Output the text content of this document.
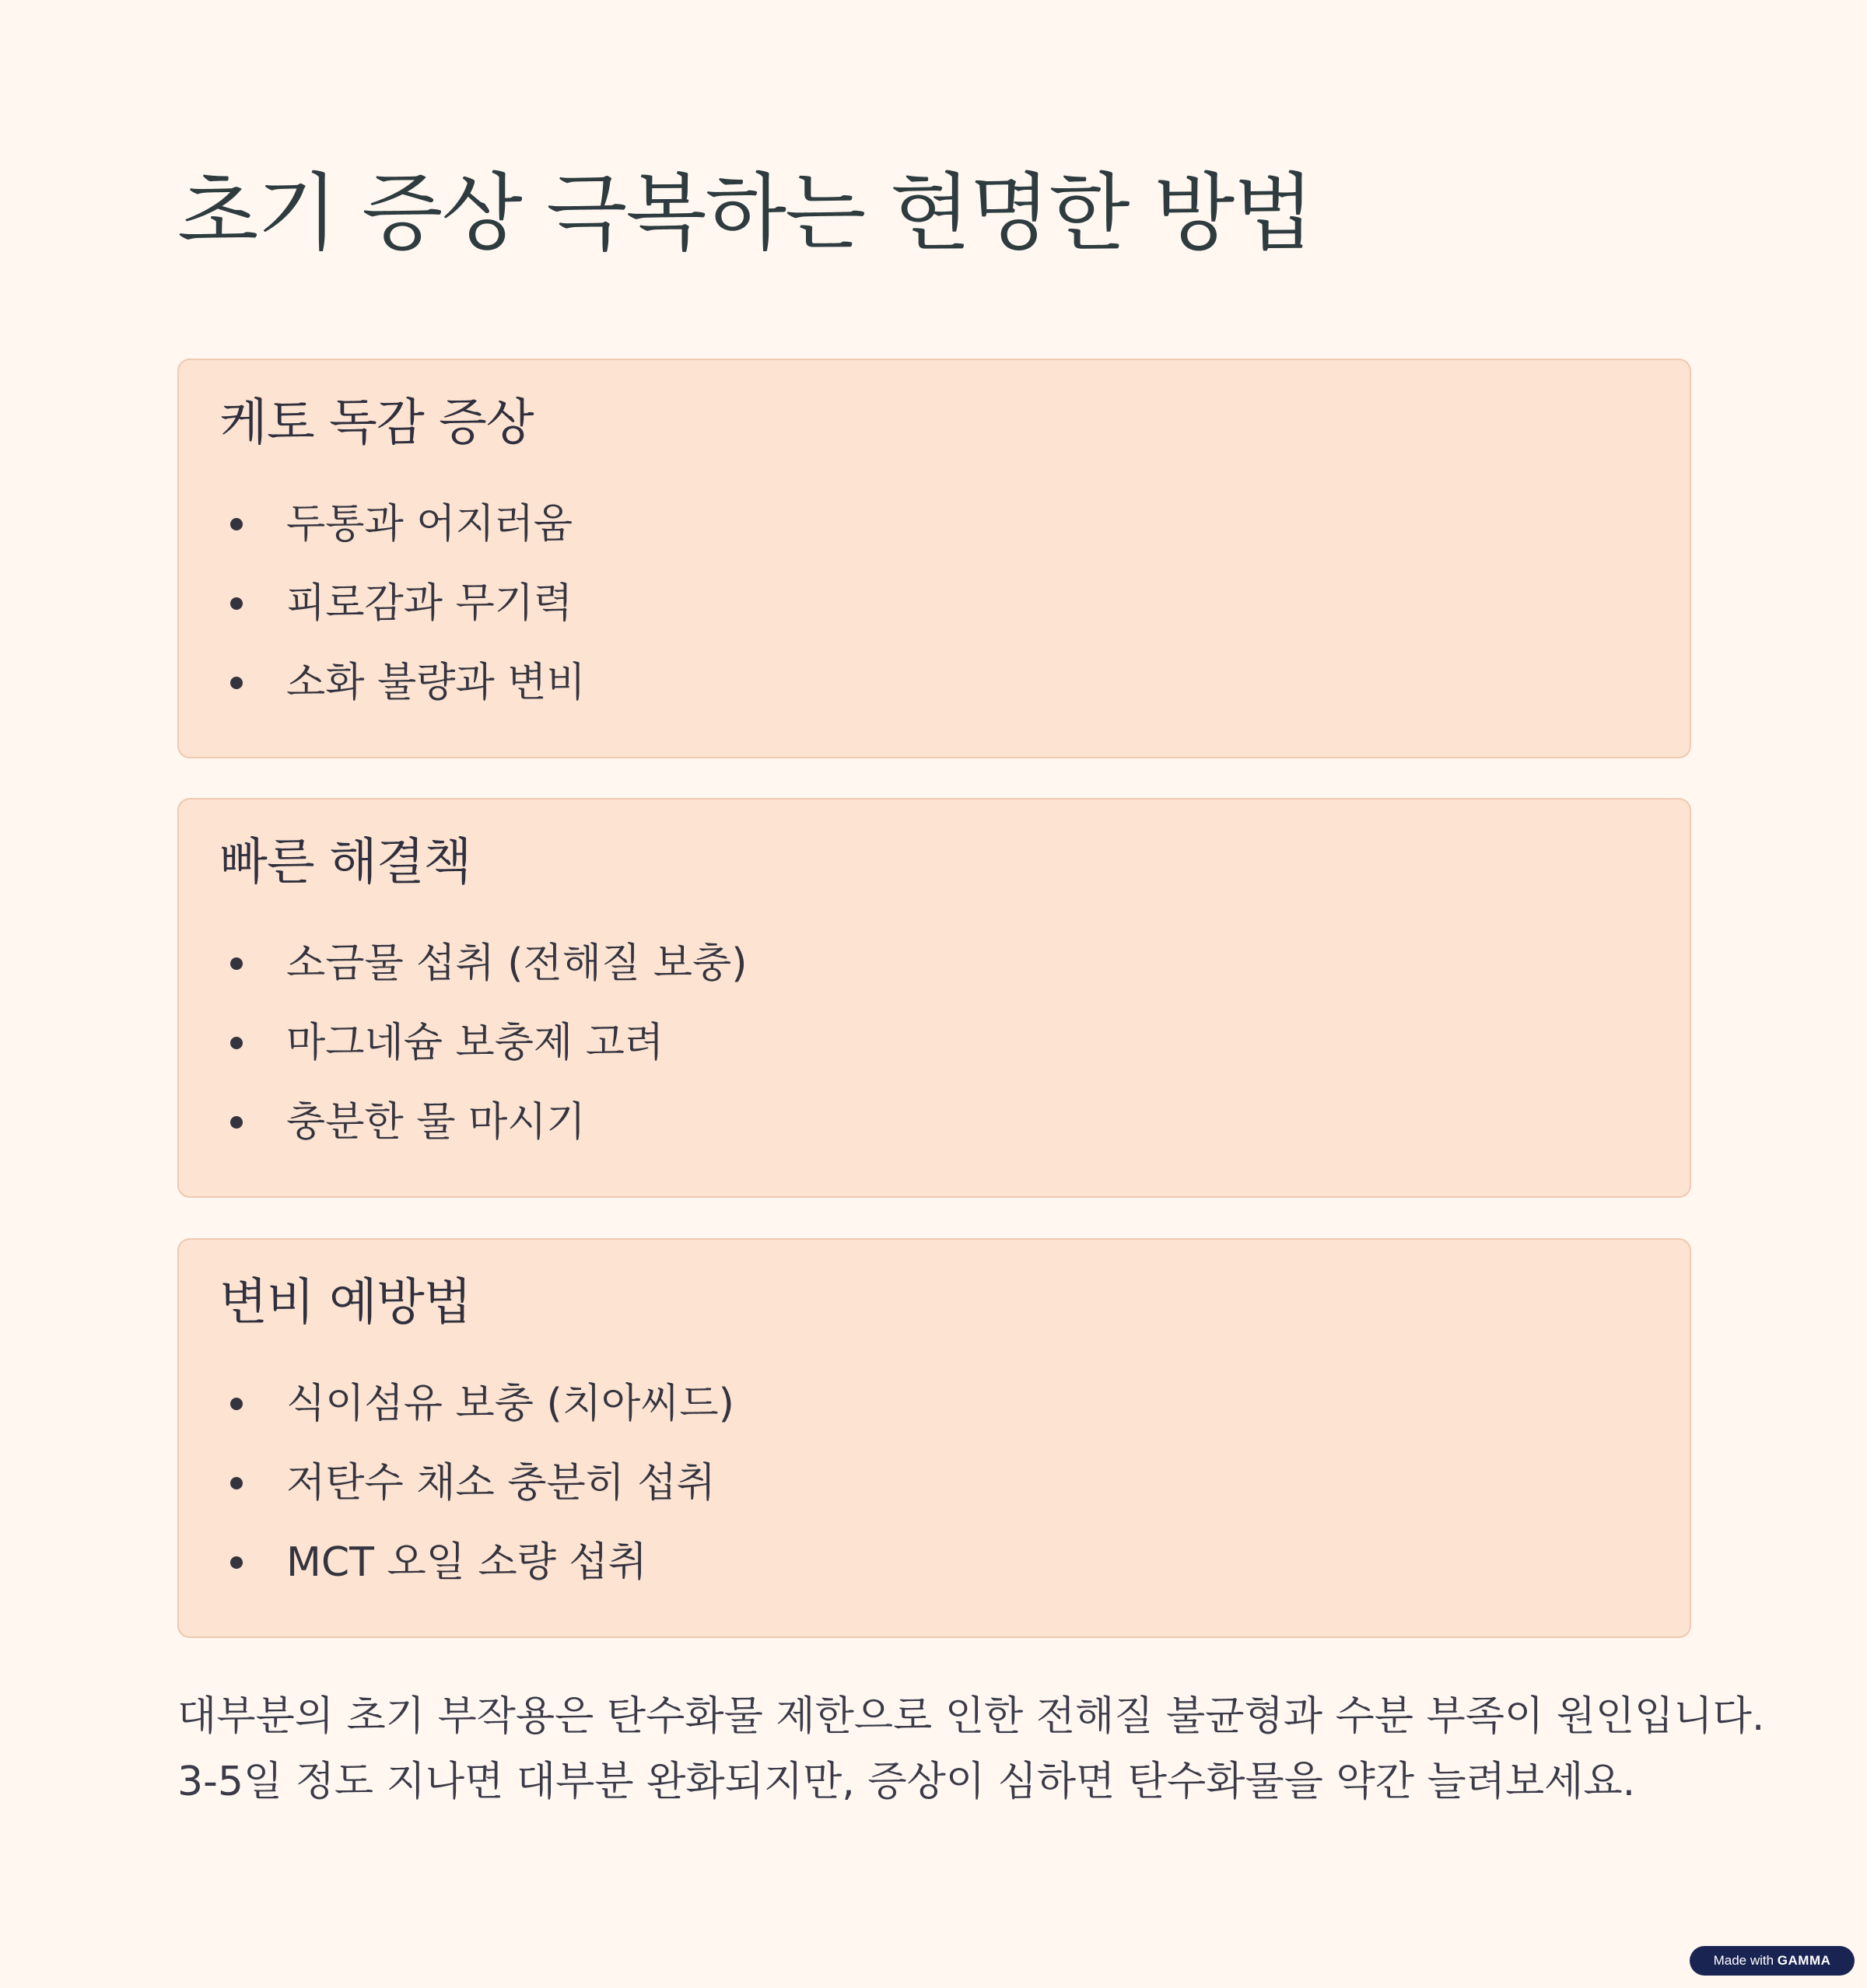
초기 증상 극복하는 현명한 방법
케토 독감 증상
두통과 어지러움
피로감과 무기력
소화 불량과 변비
빠른 해결책
소금물 섭취 (전해질 보충)
마그네슘 보충제 고려
충분한 물 마시기
변비 예방법
식이섬유 보충 (치아씨드)
저탄수 채소 충분히 섭취
MCT 오일 소량 섭취

대부분의 초기 부작용은 탄수화물 제한으로 인한 전해질 불균형과 수분 부족이 원인입니다.
3-5일 정도 지나면 대부분 완화되지만, 증상이 심하면 탄수화물을 약간 늘려보세요.

Made with GAMMA
